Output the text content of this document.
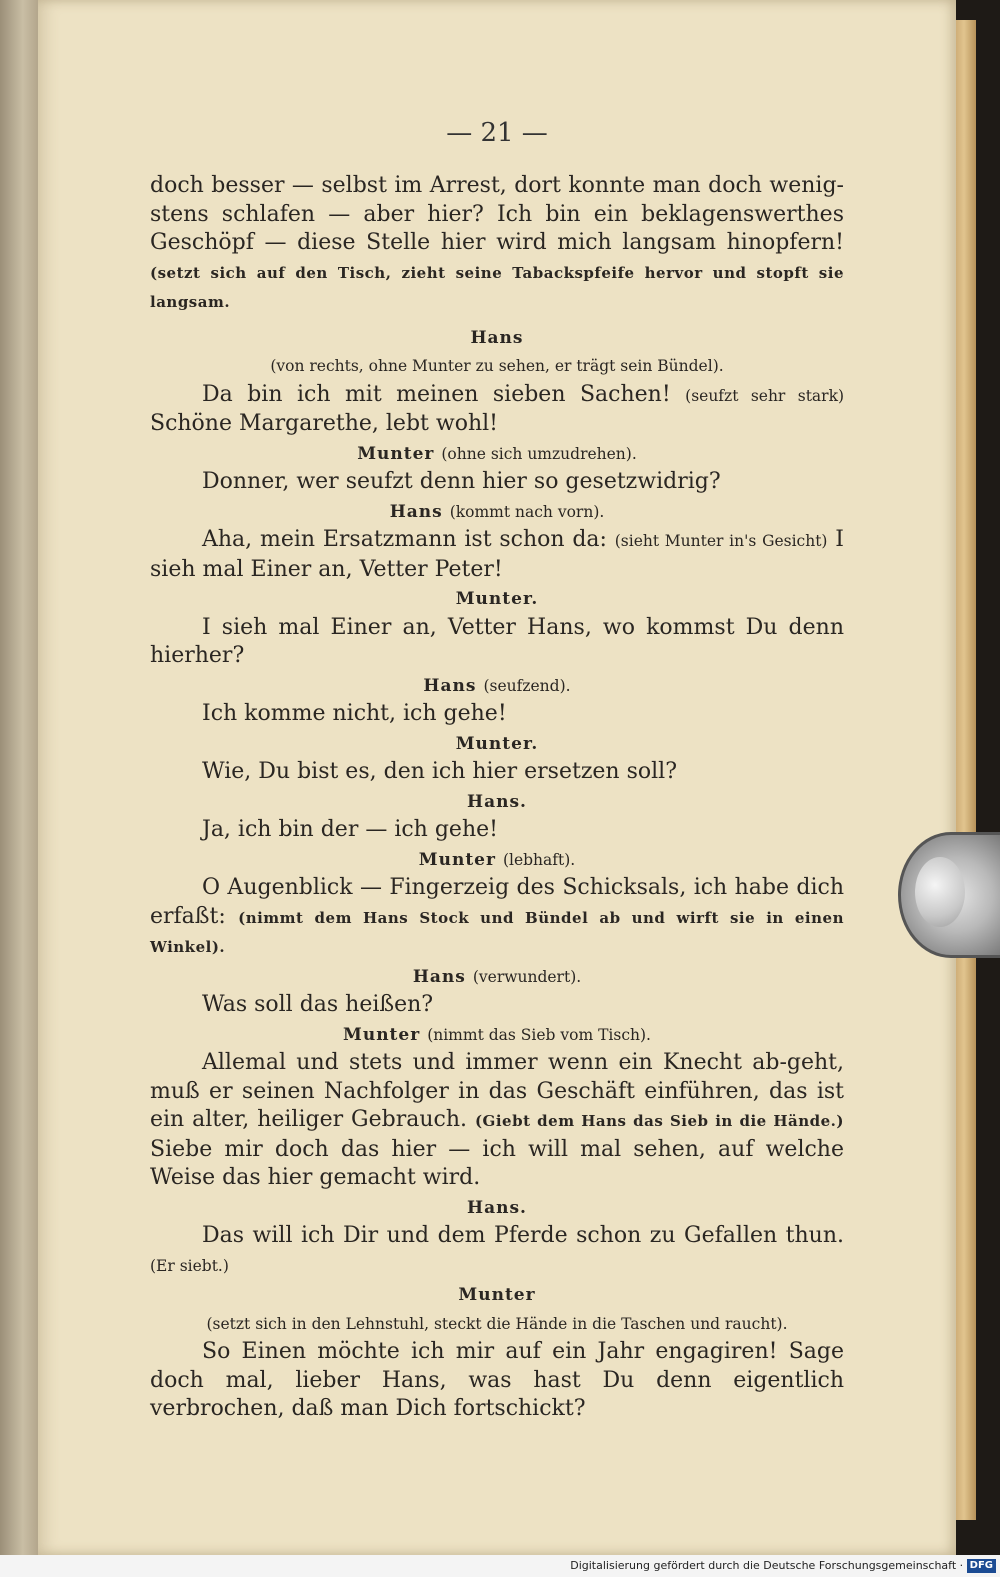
— 21 —

doch besser — selbst im Arrest, dort konnte man doch wenig-stens schlafen — aber hier? Ich bin ein beklagenswerthes Geschöpf — diese Stelle hier wird mich langsam hinopfern! (setzt sich auf den Tisch, zieht seine Tabackspfeife hervor und stopft sie langsam.

Hans

(von rechts, ohne Munter zu sehen, er trägt sein Bündel).

Da bin ich mit meinen sieben Sachen! (seufzt sehr stark) Schöne Margarethe, lebt wohl!

Munter (ohne sich umzudrehen).

Donner, wer seufzt denn hier so gesetzwidrig?

Hans (kommt nach vorn).

Aha, mein Ersatzmann ist schon da: (sieht Munter in's Gesicht) I sieh mal Einer an, Vetter Peter!

Munter.

I sieh mal Einer an, Vetter Hans, wo kommst Du denn hierher?

Hans (seufzend).

Ich komme nicht, ich gehe!

Munter.

Wie, Du bist es, den ich hier ersetzen soll?

Hans.

Ja, ich bin der — ich gehe!

Munter (lebhaft).

O Augenblick — Fingerzeig des Schicksals, ich habe dich erfaßt: (nimmt dem Hans Stock und Bündel ab und wirft sie in einen Winkel).

Hans (verwundert).

Was soll das heißen?

Munter (nimmt das Sieb vom Tisch).

Allemal und stets und immer wenn ein Knecht ab-geht, muß er seinen Nachfolger in das Geschäft einführen, das ist ein alter, heiliger Gebrauch. (Giebt dem Hans das Sieb in die Hände.) Siebe mir doch das hier — ich will mal sehen, auf welche Weise das hier gemacht wird.

Hans.

Das will ich Dir und dem Pferde schon zu Gefallen thun. (Er siebt.)

Munter

(setzt sich in den Lehnstuhl, steckt die Hände in die Taschen und raucht).

So Einen möchte ich mir auf ein Jahr engagiren! Sage doch mal, lieber Hans, was hast Du denn eigentlich verbrochen, daß man Dich fortschickt?

Digitalisierung gefördert durch die Deutsche Forschungsgemeinschaft · DFG
